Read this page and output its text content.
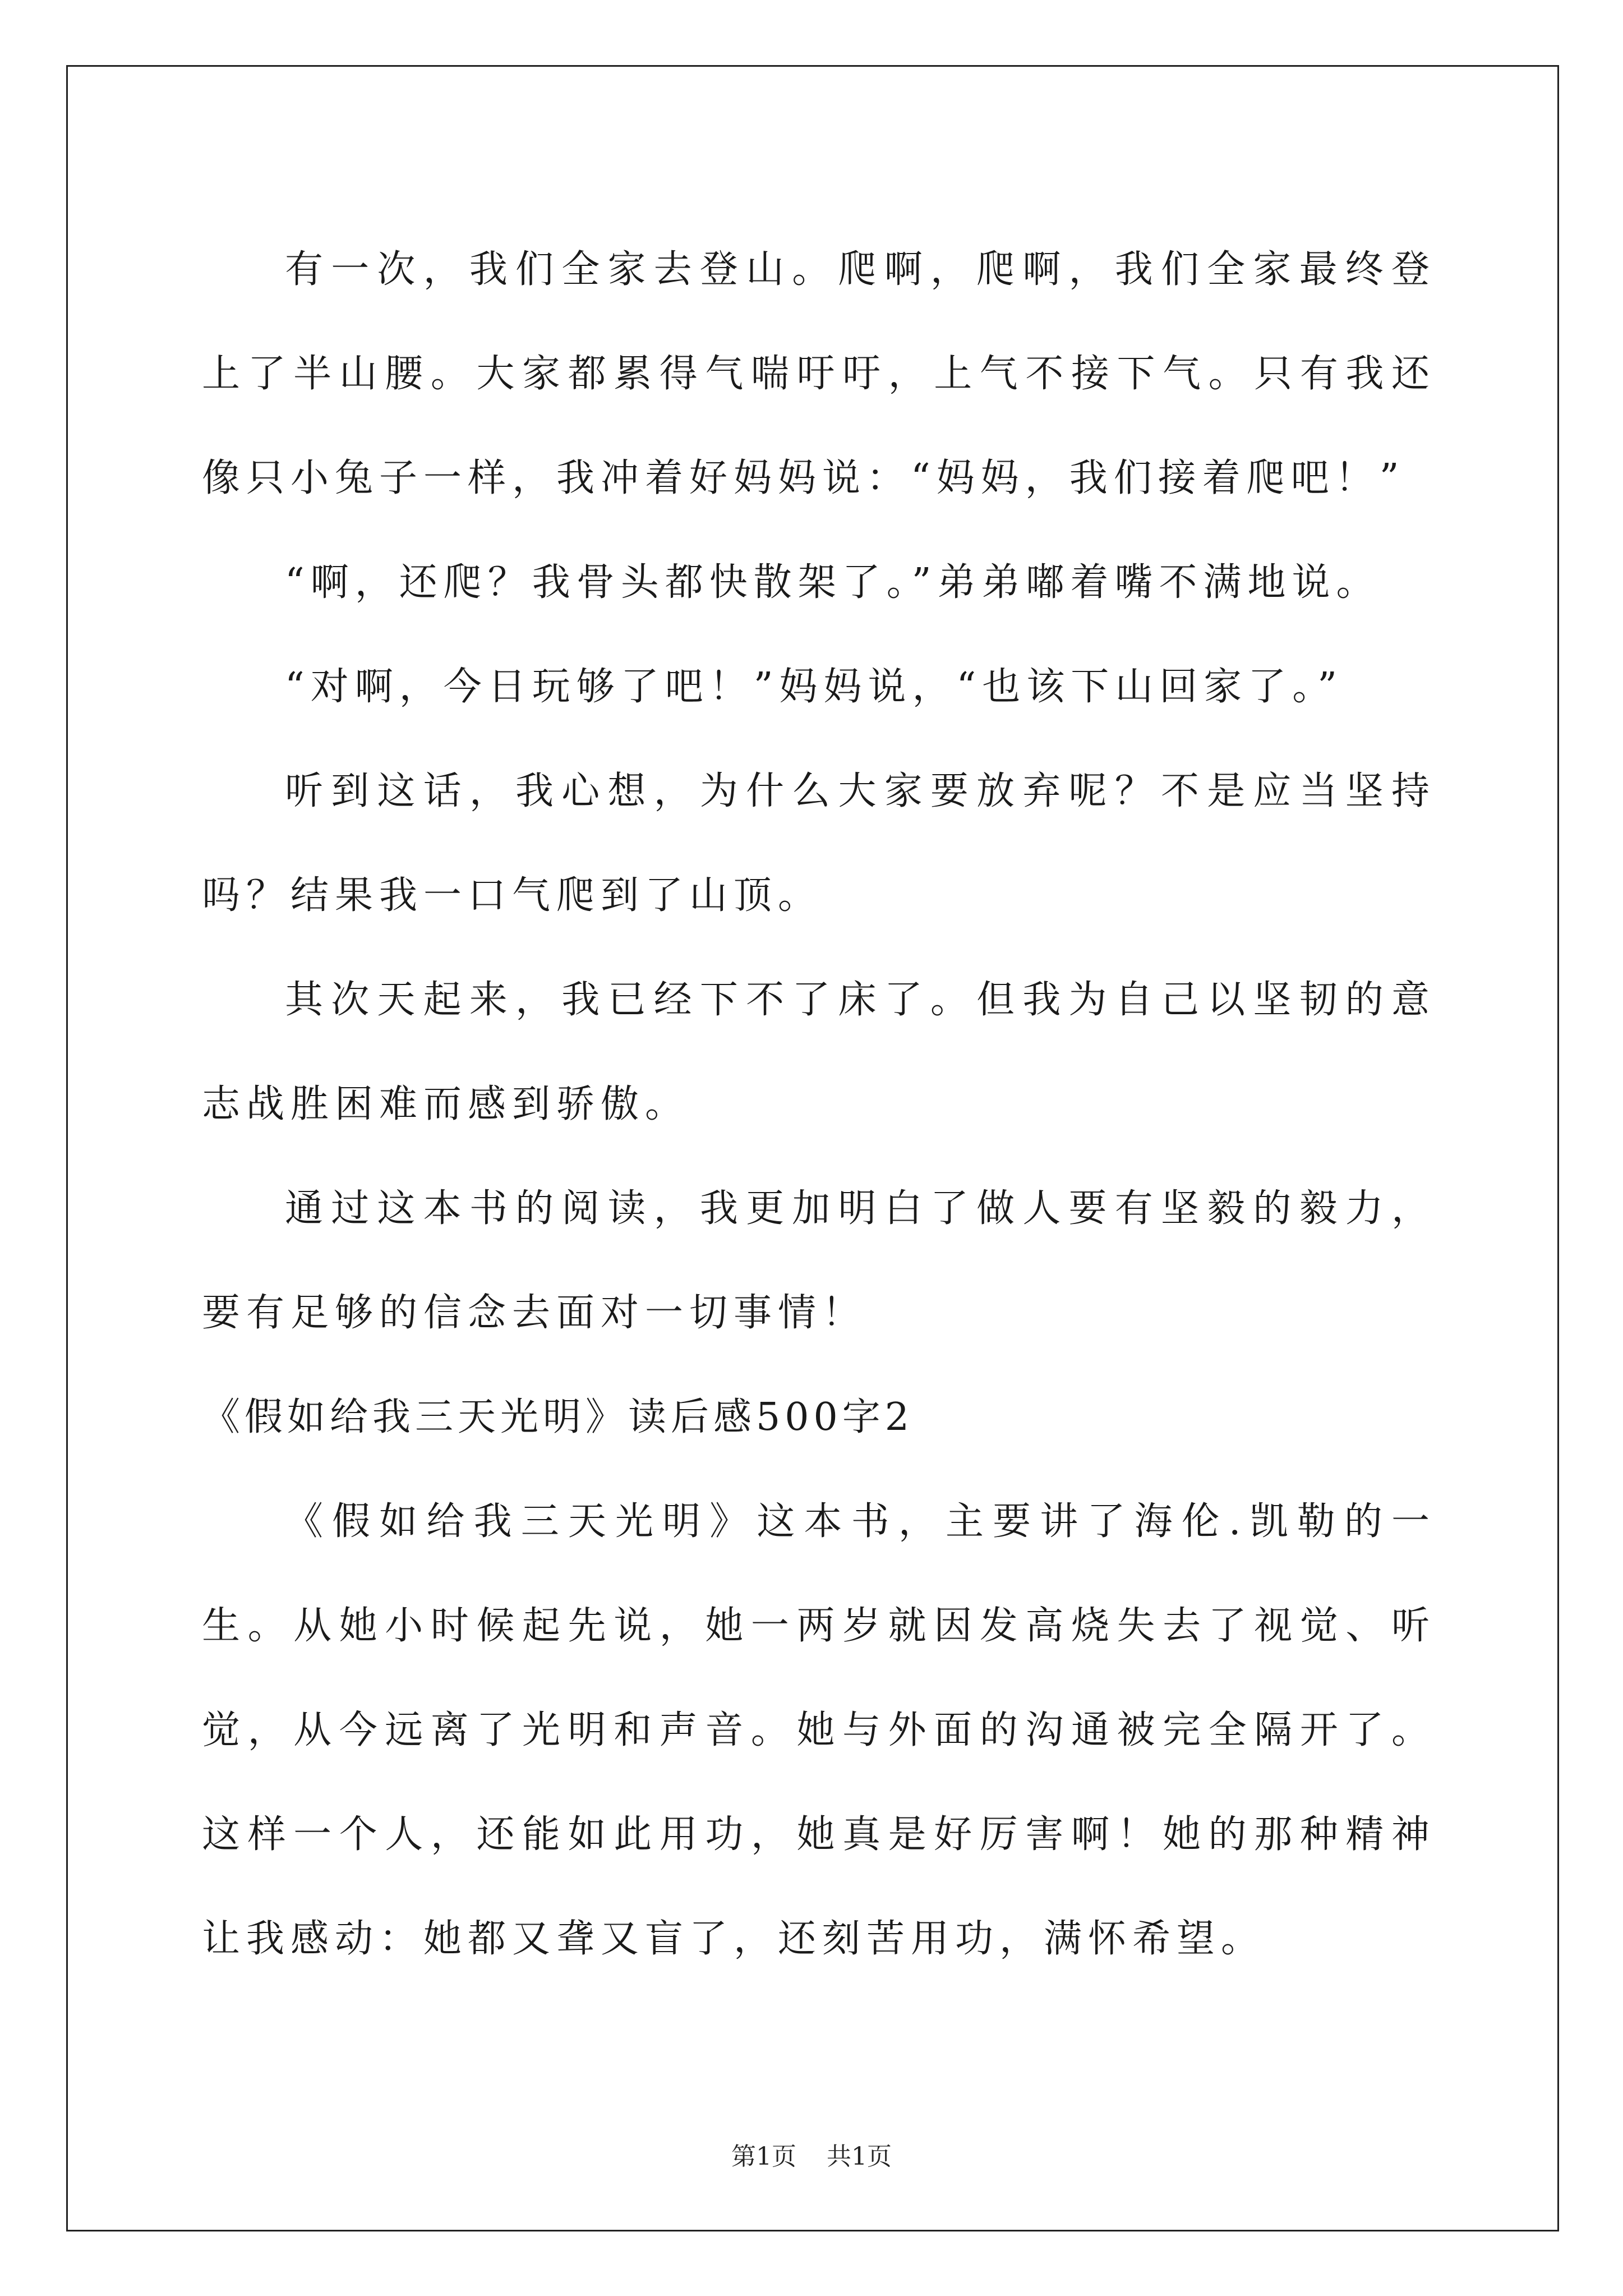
有一次，我们全家去登山。爬啊，爬啊，我们全家最终登上了半山腰。大家都累得气喘吁吁，上气不接下气。只有我还像只小兔子一样，我冲着好妈妈说：“妈妈，我们接着爬吧！”

“啊，还爬？我骨头都快散架了。”弟弟嘟着嘴不满地说。

“对啊，今日玩够了吧！”妈妈说，“也该下山回家了。”

听到这话，我心想，为什么大家要放弃呢？不是应当坚持吗？结果我一口气爬到了山顶。

其次天起来，我已经下不了床了。但我为自己以坚韧的意志战胜困难而感到骄傲。

通过这本书的阅读，我更加明白了做人要有坚毅的毅力，要有足够的信念去面对一切事情！

《假如给我三天光明》读后感500字2

《假如给我三天光明》这本书，主要讲了海伦.凯勒的一生。从她小时候起先说，她一两岁就因发高烧失去了视觉、听觉，从今远离了光明和声音。她与外面的沟通被完全隔开了。这样一个人，还能如此用功，她真是好厉害啊！她的那种精神让我感动：她都又聋又盲了，还刻苦用功，满怀希望。

第1页 共1页
